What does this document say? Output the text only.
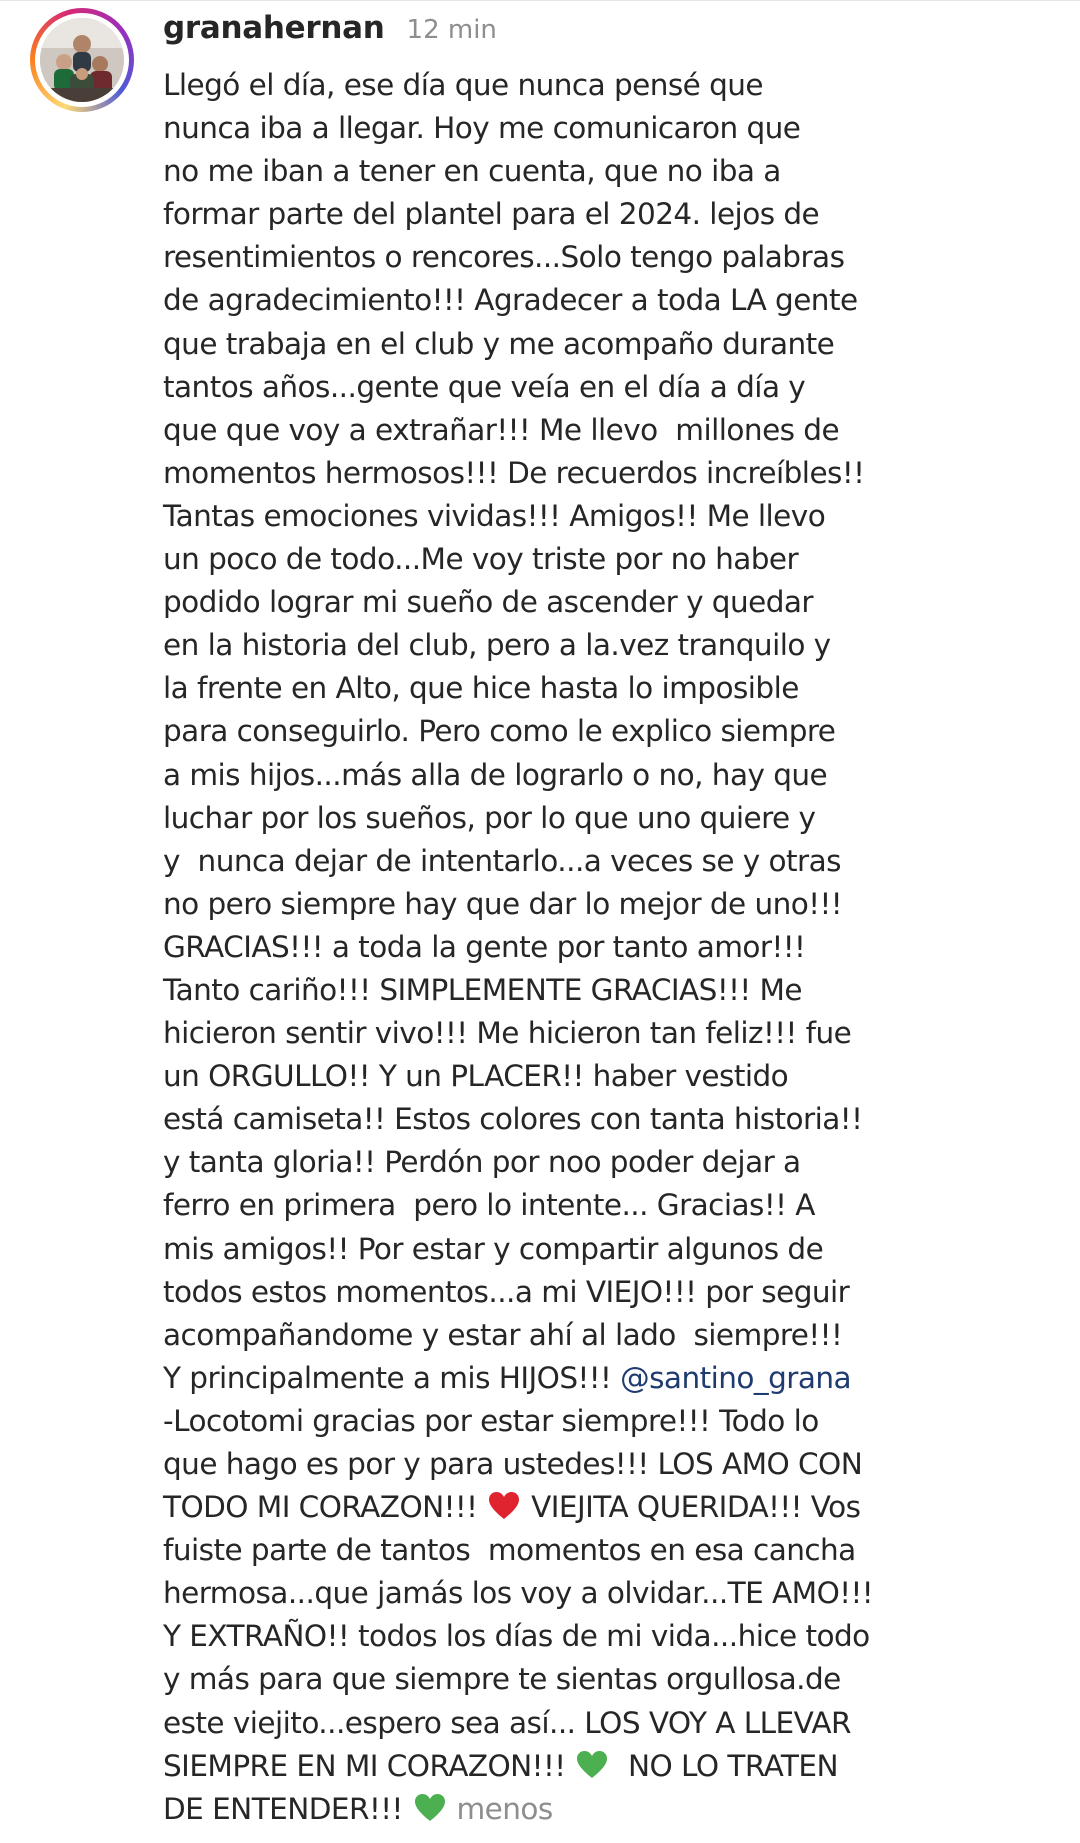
granahernan 12 min
Llegó el día, ese día que nunca pensé que
nunca iba a llegar. Hoy me comunicaron que
no me iban a tener en cuenta, que no iba a
formar parte del plantel para el 2024. lejos de
resentimientos o rencores...Solo tengo palabras
de agradecimiento!!! Agradecer a toda LA gente
que trabaja en el club y me acompaño durante
tantos años...gente que veía en el día a día y
que que voy a extrañar!!! Me llevo  millones de
momentos hermosos!!! De recuerdos increíbles!!
Tantas emociones vividas!!! Amigos!! Me llevo
un poco de todo...Me voy triste por no haber
podido lograr mi sueño de ascender y quedar
en la historia del club, pero a la.vez tranquilo y
la frente en Alto, que hice hasta lo imposible
para conseguirlo. Pero como le explico siempre
a mis hijos...más alla de lograrlo o no, hay que
luchar por los sueños, por lo que uno quiere y
y  nunca dejar de intentarlo...a veces se y otras
no pero siempre hay que dar lo mejor de uno!!!
GRACIAS!!! a toda la gente por tanto amor!!!
Tanto cariño!!! SIMPLEMENTE GRACIAS!!! Me
hicieron sentir vivo!!! Me hicieron tan feliz!!! fue
un ORGULLO!! Y un PLACER!! haber vestido
está camiseta!! Estos colores con tanta historia!!
y tanta gloria!! Perdón por noo poder dejar a
ferro en primera  pero lo intente... Gracias!! A
mis amigos!! Por estar y compartir algunos de
todos estos momentos...a mi VIEJO!!! por seguir
acompañandome y estar ahí al lado  siempre!!!
Y principalmente a mis HIJOS!!! @santino_grana
-Locotomi gracias por estar siempre!!! Todo lo
que hago es por y para ustedes!!! LOS AMO CON
TODO MI CORAZON!!!  VIEJITA QUERIDA!!! Vos
fuiste parte de tantos  momentos en esa cancha
hermosa...que jamás los voy a olvidar...TE AMO!!!
Y EXTRAÑO!! todos los días de mi vida...hice todo
y más para que siempre te sientas orgullosa.de
este viejito...espero sea así... LOS VOY A LLEVAR
SIEMPRE EN MI CORAZON!!!   NO LO TRATEN
DE ENTENDER!!!  menos
